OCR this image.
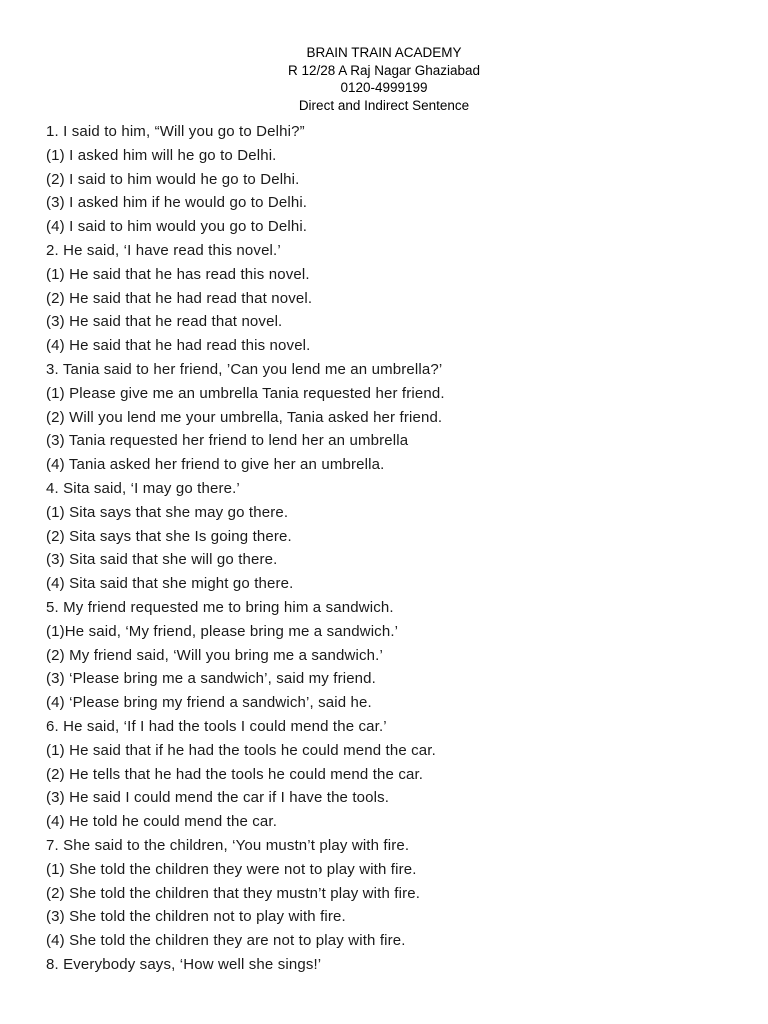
BRAIN TRAIN ACADEMY
R 12/28 A Raj Nagar Ghaziabad
0120-4999199
Direct and Indirect Sentence
1. I said to him, “Will you go to Delhi?”
(1) I asked him will he go to Delhi.
(2) I said to him would he go to Delhi.
(3) I asked him if he would go to Delhi.
(4) I said to him would you go to Delhi.
2. He said, ‘I have read this novel.’
(1) He said that he has read this novel.
(2) He said that he had read that novel.
(3) He said that he read that novel.
(4) He said that he had read this novel.
3. Tania said to her friend, ’Can you lend me an umbrella?’
(1) Please give me an umbrella Tania requested her friend.
(2) Will you lend me your umbrella, Tania asked her friend.
(3) Tania requested her friend to lend her an umbrella
(4) Tania asked her friend to give her an umbrella.
4. Sita said, ‘I may go there.’
(1) Sita says that she may go there.
(2) Sita says that she Is going there.
(3) Sita said that she will go there.
(4) Sita said that she might go there.
5. My friend requested me to bring him a sandwich.
(1)He said, ‘My friend, please bring me a sandwich.’
(2) My friend said, ‘Will you bring me a sandwich.’
(3) ‘Please bring me a sandwich’, said my friend.
(4) ‘Please bring my friend a sandwich’, said he.
6. He said, ‘If I had the tools I could mend the car.’
(1) He said that if he had the tools he could mend the car.
(2) He tells that he had the tools he could mend the car.
(3) He said I could mend the car if I have the tools.
(4) He told he could mend the car.
7. She said to the children, ‘You mustn’t play with fire.
(1) She told the children they were not to play with fire.
(2) She told the children that they mustn’t play with fire.
(3) She told the children not to play with fire.
(4) She told the children they are not to play with fire.
8. Everybody says, ‘How well she sings!’
